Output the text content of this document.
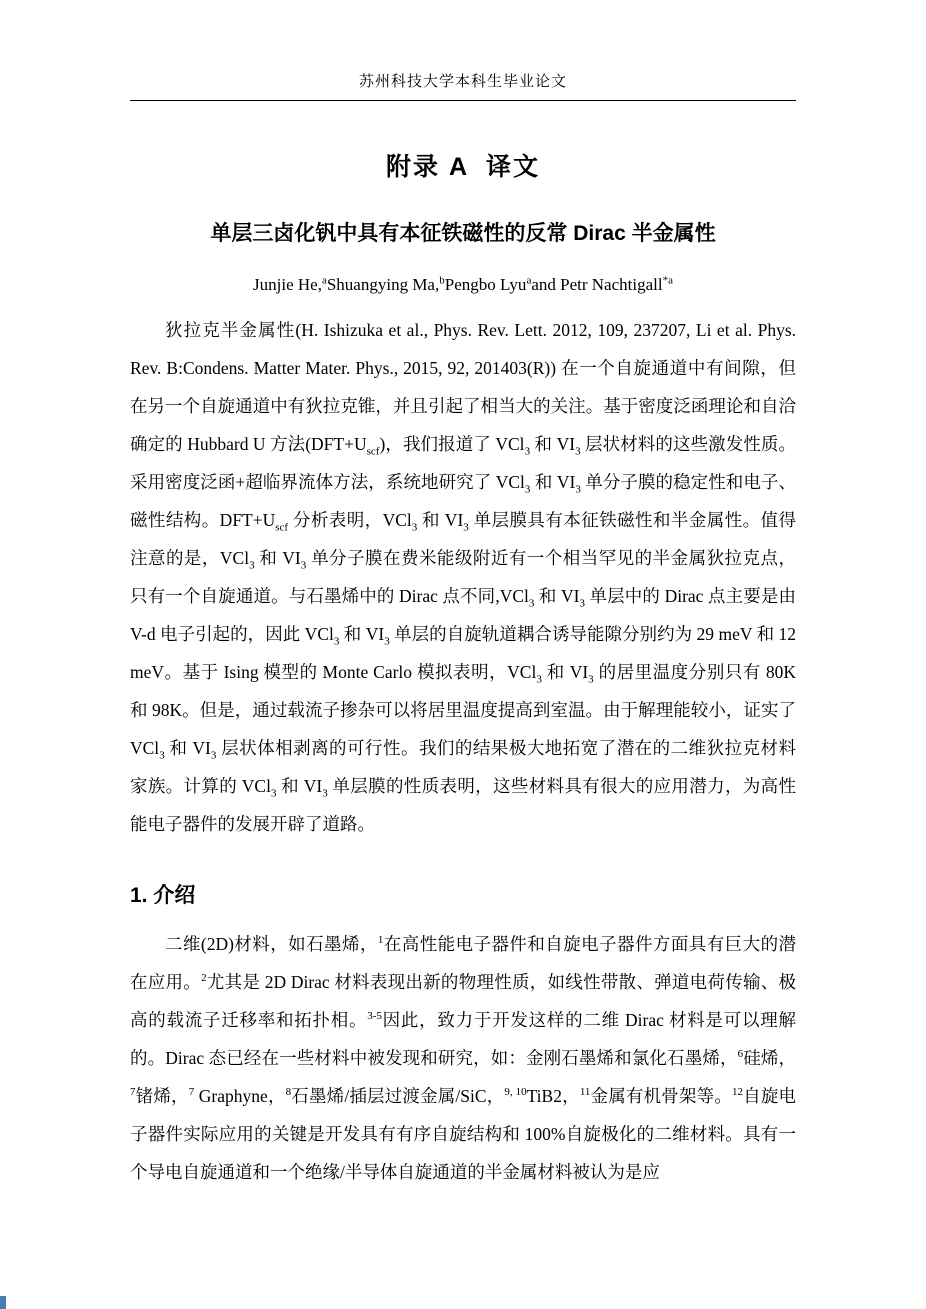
苏州科技大学本科生毕业论文
附录 A  译文
单层三卤化钒中具有本征铁磁性的反常 Dirac 半金属性

Junjie He,$^a$Shuangying Ma,$^b$Pengbo Lyu$^a$and Petr Nachtigall$^{*a}$

狄拉克半金属性(H. Ishizuka et al., Phys. Rev. Lett. 2012, 109, 237207, Li et al. Phys. Rev. B:Condens. Matter Mater. Phys., 2015, 92, 201403(R)) 在一个自旋通道中有间隙，但在另一个自旋通道中有狄拉克锥，并且引起了相当大的关注。基于密度泛函理论和自洽确定的 Hubbard U 方法$(DFT+U_{scf})$，我们报道了 VCl$_3$ 和 $VI_3$ 层状材料的这些激发性质。采用密度泛函+超临界流体方法，系统地研究了 VCl$_3$ 和 $VI_3$ 单分子膜的稳定性和电子、磁性结构。$DFT+U_{scf}$ 分析表明，VCl$_3$ 和 $VI_3$ 单层膜具有本征铁磁性和半金属性。值得注意的是，VCl$_3$ 和 $VI_3$ 单分子膜在费米能级附近有一个相当罕见的半金属狄拉克点，只有一个自旋通道。与石墨烯中的 Dirac 点不同,VCl$_3$ 和 $VI_3$ 单层中的 Dirac 点主要是由 V-d 电子引起的，因此 VCl$_3$ 和 $VI_3$ 单层的自旋轨道耦合诱导能隙分别约为 29 meV 和 12 meV。基于 Ising 模型的 Monte Carlo 模拟表明，VCl$_3$ 和 $VI_3$ 的居里温度分别只有 80K 和 98K。但是，通过载流子掺杂可以将居里温度提高到室温。由于解理能较小，证实了 VCl$_3$ 和 $VI_3$ 层状体相剥离的可行性。我们的结果极大地拓宽了潜在的二维狄拉克材料家族。计算的 VCl$_3$ 和 $VI_3$ 单层膜的性质表明，这些材料具有很大的应用潜力，为高性能电子器件的发展开辟了道路。

1. 介绍

二维(2D)材料，如石墨烯，$^1$在高性能电子器件和自旋电子器件方面具有巨大的潜在应用。$^2$尤其是 2D Dirac 材料表现出新的物理性质，如线性带散、弹道电荷传输、极高的载流子迁移率和拓扑相。$^{3-5}$因此，致力于开发这样的二维 Dirac 材料是可以理解的。Dirac 态已经在一些材料中被发现和研究，如：金刚石墨烯和氯化石墨烯，$^6$硅烯，$^7$锗烯，$^7$ Graphyne，$^8$石墨烯/插层过渡金属/SiC，$^{9, 10}$TiB2，$^{11}$金属有机骨架等。$^{12}$自旋电子器件实际应用的关键是开发具有有序自旋结构和 100%自旋极化的二维材料。具有一个导电自旋通道和一个绝缘/半导体自旋通道的半金属材料被认为是应
